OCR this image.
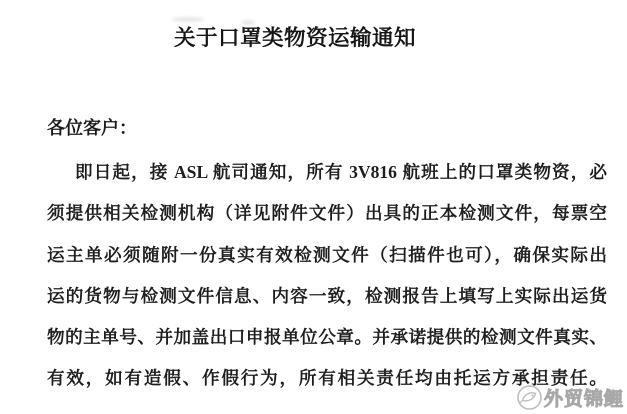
关于口罩类物资运输通知
各位客户：
即日起，接 ASL 航司通知，所有 3V816 航班上的口罩类物资，必
须提供相关检测机构（详见附件文件）出具的正本检测文件，每票空
运主单必须随附一份真实有效检测文件（扫描件也可），确保实际出
运的货物与检测文件信息、内容一致，检测报告上填写上实际出运货
物的主单号、并加盖出口申报单位公章。并承诺提供的检测文件真实、
有效，如有造假、作假行为，所有相关责任均由托运方承担责任。
外贸锦鲤
